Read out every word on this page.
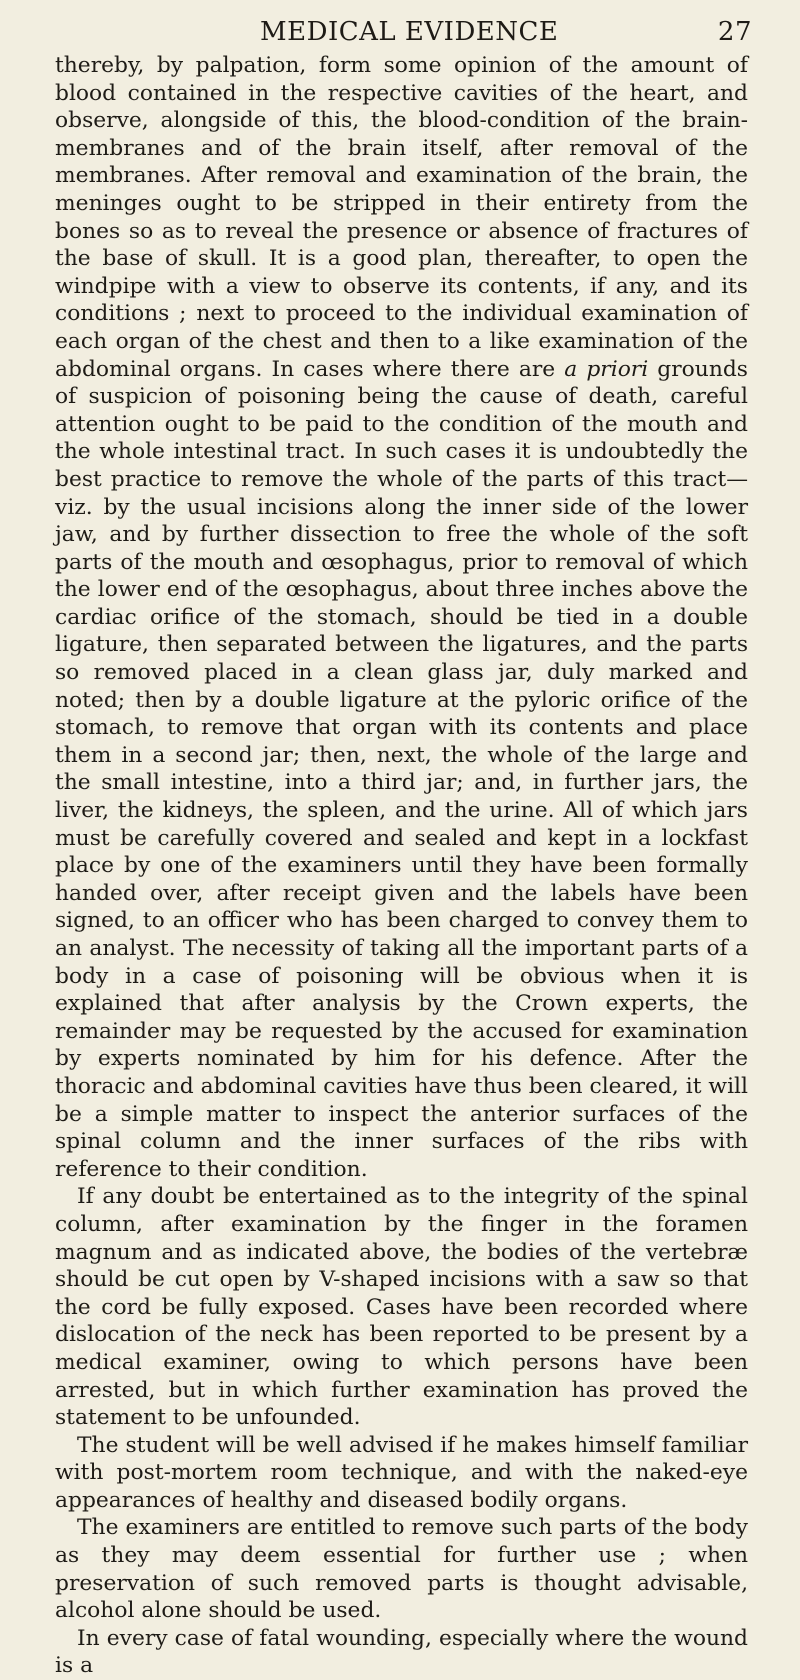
MEDICAL EVIDENCE	27

thereby, by palpation, form some opinion of the amount of blood contained in the respective cavities of the heart, and observe, alongside of this, the blood-condition of the brain-membranes and of the brain itself, after removal of the membranes. After removal and examination of the brain, the meninges ought to be stripped in their entirety from the bones so as to reveal the presence or absence of fractures of the base of skull. It is a good plan, thereafter, to open the windpipe with a view to observe its contents, if any, and its conditions ; next to proceed to the individual examination of each organ of the chest and then to a like examination of the abdominal organs. In cases where there are a priori grounds of suspicion of poisoning being the cause of death, careful attention ought to be paid to the condition of the mouth and the whole intestinal tract. In such cases it is undoubtedly the best practice to remove the whole of the parts of this tract—viz. by the usual incisions along the inner side of the lower jaw, and by further dissection to free the whole of the soft parts of the mouth and œsophagus, prior to removal of which the lower end of the œsophagus, about three inches above the cardiac orifice of the stomach, should be tied in a double ligature, then separated between the ligatures, and the parts so removed placed in a clean glass jar, duly marked and noted; then by a double ligature at the pyloric orifice of the stomach, to remove that organ with its contents and place them in a second jar; then, next, the whole of the large and the small intestine, into a third jar; and, in further jars, the liver, the kidneys, the spleen, and the urine. All of which jars must be carefully covered and sealed and kept in a lockfast place by one of the examiners until they have been formally handed over, after receipt given and the labels have been signed, to an officer who has been charged to convey them to an analyst. The necessity of taking all the important parts of a body in a case of poisoning will be obvious when it is explained that after analysis by the Crown experts, the remainder may be requested by the accused for examination by experts nominated by him for his defence. After the thoracic and abdominal cavities have thus been cleared, it will be a simple matter to inspect the anterior surfaces of the spinal column and the inner surfaces of the ribs with reference to their condition.

If any doubt be entertained as to the integrity of the spinal column, after examination by the finger in the foramen magnum and as indicated above, the bodies of the vertebræ should be cut open by V-shaped incisions with a saw so that the cord be fully exposed. Cases have been recorded where dislocation of the neck has been reported to be present by a medical examiner, owing to which persons have been arrested, but in which further examination has proved the statement to be unfounded.

The student will be well advised if he makes himself familiar with post-mortem room technique, and with the naked-eye appearances of healthy and diseased bodily organs.

The examiners are entitled to remove such parts of the body as they may deem essential for further use ; when preservation of such removed parts is thought advisable, alcohol alone should be used.

In every case of fatal wounding, especially where the wound is a
